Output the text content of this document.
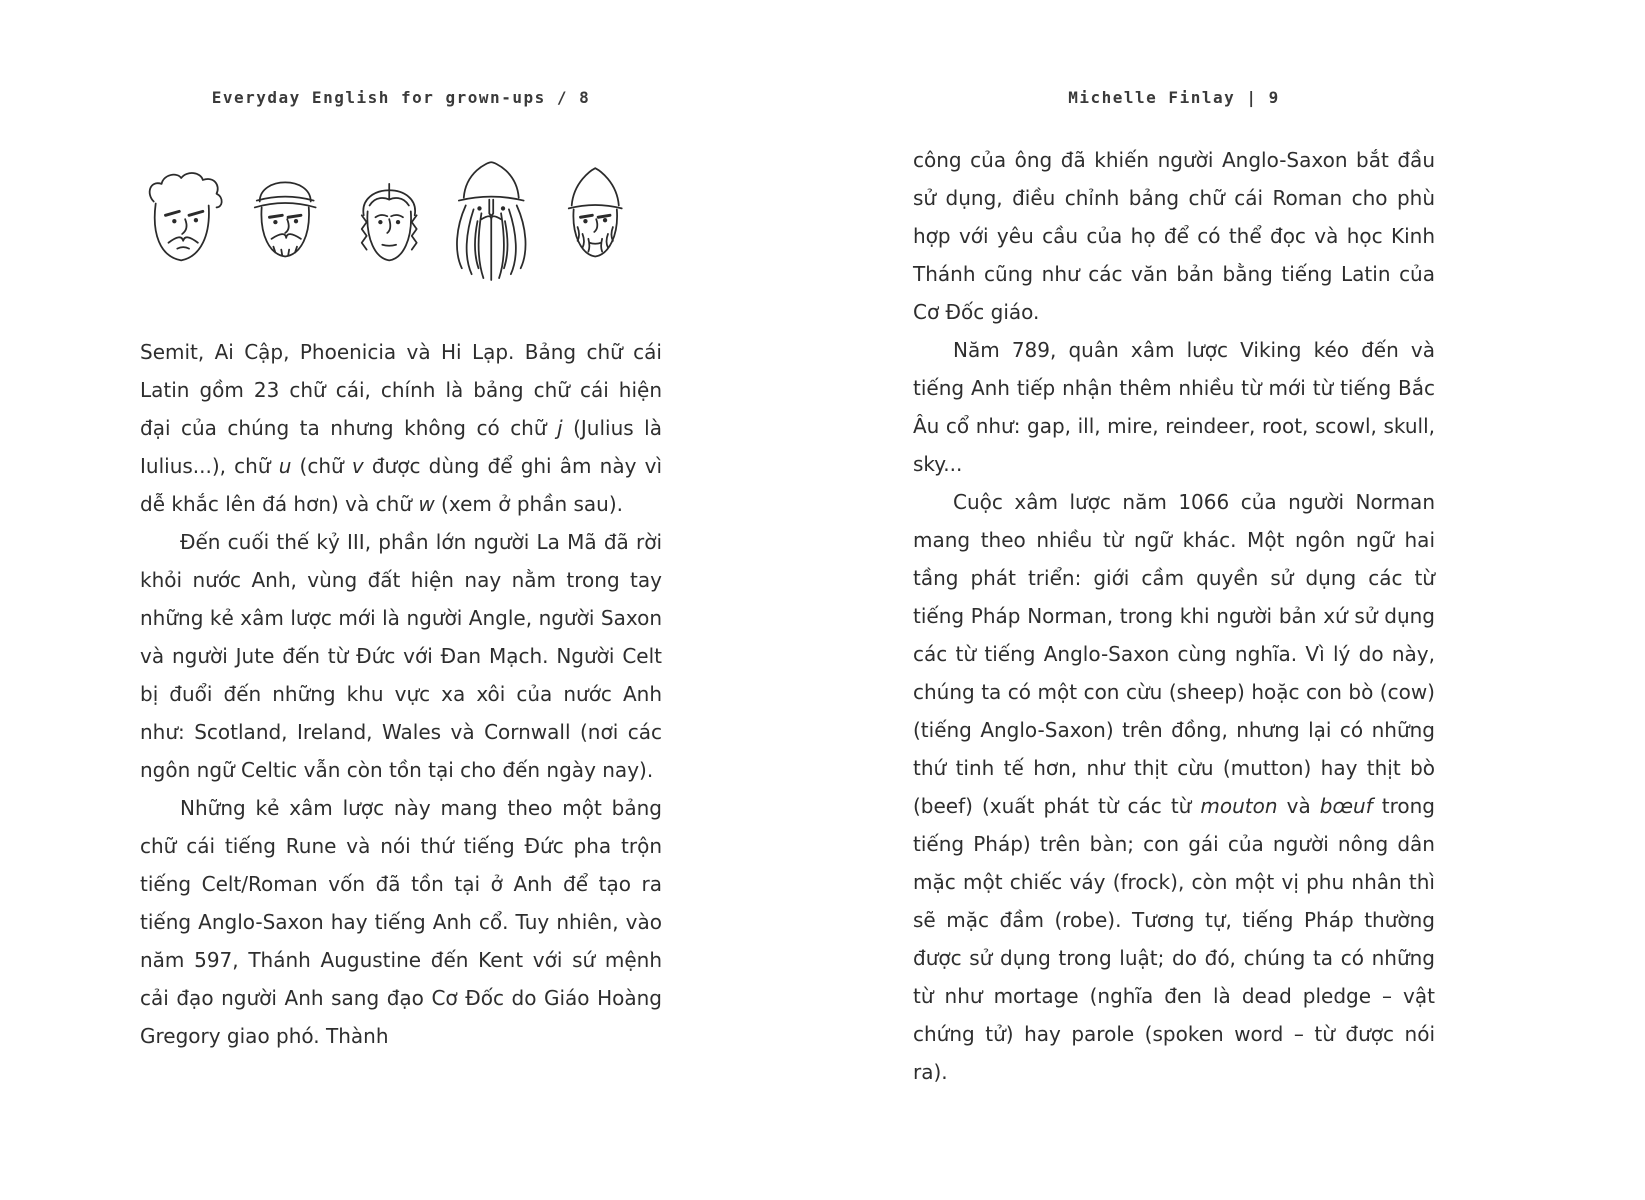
Everyday English for grown-ups / 8

Semit, Ai Cập, Phoenicia và Hi Lạp. Bảng chữ cái Latin gồm 23 chữ cái, chính là bảng chữ cái hiện đại của chúng ta nhưng không có chữ j (Julius là Iulius...), chữ u (chữ v được dùng để ghi âm này vì dễ khắc lên đá hơn) và chữ w (xem ở phần sau).

Đến cuối thế kỷ III, phần lớn người La Mã đã rời khỏi nước Anh, vùng đất hiện nay nằm trong tay những kẻ xâm lược mới là người Angle, người Saxon và người Jute đến từ Đức với Đan Mạch. Người Celt bị đuổi đến những khu vực xa xôi của nước Anh như: Scotland, Ireland, Wales và Cornwall (nơi các ngôn ngữ Celtic vẫn còn tồn tại cho đến ngày nay).

Những kẻ xâm lược này mang theo một bảng chữ cái tiếng Rune và nói thứ tiếng Đức pha trộn tiếng Celt/Roman vốn đã tồn tại ở Anh để tạo ra tiếng Anglo-Saxon hay tiếng Anh cổ. Tuy nhiên, vào năm 597, Thánh Augustine đến Kent với sứ mệnh cải đạo người Anh sang đạo Cơ Đốc do Giáo Hoàng Gregory giao phó. Thành

Michelle Finlay | 9

công của ông đã khiến người Anglo-Saxon bắt đầu sử dụng, điều chỉnh bảng chữ cái Roman cho phù hợp với yêu cầu của họ để có thể đọc và học Kinh Thánh cũng như các văn bản bằng tiếng Latin của Cơ Đốc giáo.

Năm 789, quân xâm lược Viking kéo đến và tiếng Anh tiếp nhận thêm nhiều từ mới từ tiếng Bắc Âu cổ như: gap, ill, mire, reindeer, root, scowl, skull, sky...

Cuộc xâm lược năm 1066 của người Norman mang theo nhiều từ ngữ khác. Một ngôn ngữ hai tầng phát triển: giới cầm quyền sử dụng các từ tiếng Pháp Norman, trong khi người bản xứ sử dụng các từ tiếng Anglo-Saxon cùng nghĩa. Vì lý do này, chúng ta có một con cừu (sheep) hoặc con bò (cow) (tiếng Anglo-Saxon) trên đồng, nhưng lại có những thứ tinh tế hơn, như thịt cừu (mutton) hay thịt bò (beef) (xuất phát từ các từ mouton và bœuf trong tiếng Pháp) trên bàn; con gái của người nông dân mặc một chiếc váy (frock), còn một vị phu nhân thì sẽ mặc đầm (robe). Tương tự, tiếng Pháp thường được sử dụng trong luật; do đó, chúng ta có những từ như mortage (nghĩa đen là dead pledge – vật chứng tử) hay parole (spoken word – từ được nói ra).
